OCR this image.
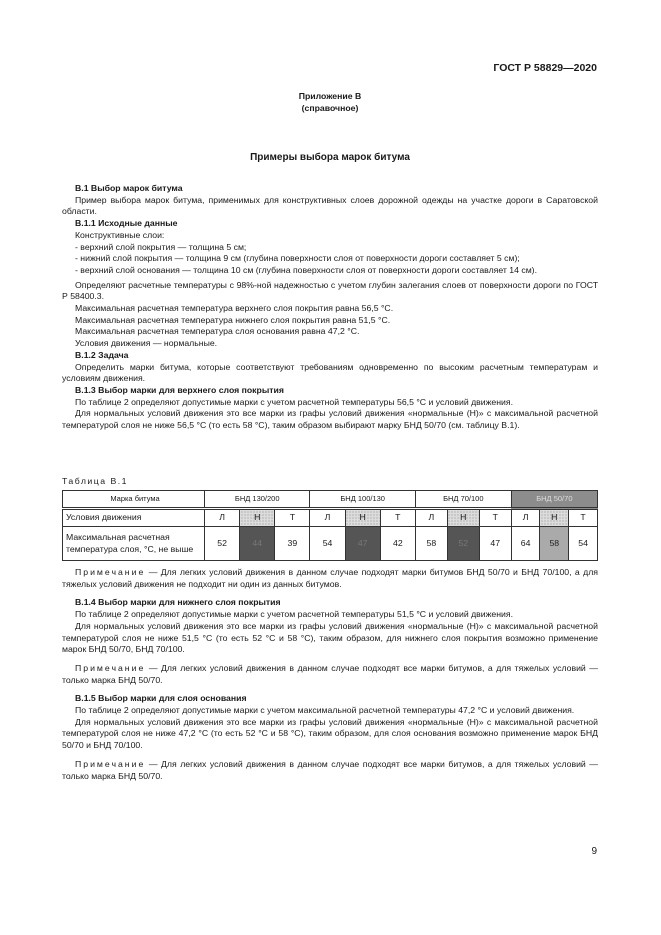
ГОСТ Р 58829—2020
Приложение В
(справочное)
Примеры выбора марок битума

В.1 Выбор марок битума

Пример выбора марок битума, применимых для конструктивных слоев дорожной одежды на участке дороги в Саратовской области.

В.1.1 Исходные данные

Конструктивные слои:

- верхний слой покрытия — толщина 5 см;

- нижний слой покрытия — толщина 9 см (глубина поверхности слоя от поверхности дороги составляет 5 см);

- верхний слой основания — толщина 10 см (глубина поверхности слоя от поверхности дороги составляет 14 см).

Определяют расчетные температуры с 98%-ной надежностью с учетом глубин залегания слоев от поверхности дороги по ГОСТ Р 58400.3.

Максимальная расчетная температура верхнего слоя покрытия равна 56,5 °С.

Максимальная расчетная температура нижнего слоя покрытия равна 51,5 °С.

Максимальная расчетная температура слоя основания равна 47,2 °С.

Условия движения — нормальные.

В.1.2 Задача

Определить марки битума, которые соответствуют требованиям одновременно по высоким расчетным температурам и условиям движения.

В.1.3 Выбор марки для верхнего слоя покрытия

По таблице 2 определяют допустимые марки с учетом расчетной температуры 56,5 °С и условий движения.

Для нормальных условий движения это все марки из графы условий движения «нормальные (Н)» с максимальной расчетной температурой слоя не ниже 56,5 °С (то есть 58 °С), таким образом выбирают марку БНД 50/70 (см. таблицу В.1).

Таблица В.1
Марка битума	БНД 130/200			БНД 100/130			БНД 70/100			БНД 50/70		
Условия движения	Л	Н	Т	Л	Н	Т	Л	Н	Т	Л	Н	Т
Максимальная расчетная температура слоя, °С, не выше	52	44	39	54	47	42	58	52	47	64	58	54

Примечание — Для легких условий движения в данном случае подходят марки битумов БНД 50/70 и БНД 70/100, а для тяжелых условий движения не подходит ни один из данных битумов.

В.1.4 Выбор марки для нижнего слоя покрытия

По таблице 2 определяют допустимые марки с учетом расчетной температуры 51,5 °С и условий движения.

Для нормальных условий движения это все марки из графы условий движения «нормальные (Н)» с максимальной расчетной температурой слоя не ниже 51,5 °С (то есть 52 °С и 58 °С), таким образом, для нижнего слоя покрытия возможно применение марок БНД 50/70, БНД 70/100.

Примечание — Для легких условий движения в данном случае подходят все марки битумов, а для тяжелых условий — только марка БНД 50/70.

В.1.5 Выбор марки для слоя основания

По таблице 2 определяют допустимые марки с учетом максимальной расчетной температуры 47,2 °С и условий движения.

Для нормальных условий движения это все марки из графы условий движения «нормальные (Н)» с максимальной расчетной температурой слоя не ниже 47,2 °С (то есть 52 °С и 58 °С), таким образом, для слоя основания возможно применение марок БНД 50/70 и БНД 70/100.

Примечание — Для легких условий движения в данном случае подходят все марки битумов, а для тяжелых условий — только марка БНД 50/70.

9
